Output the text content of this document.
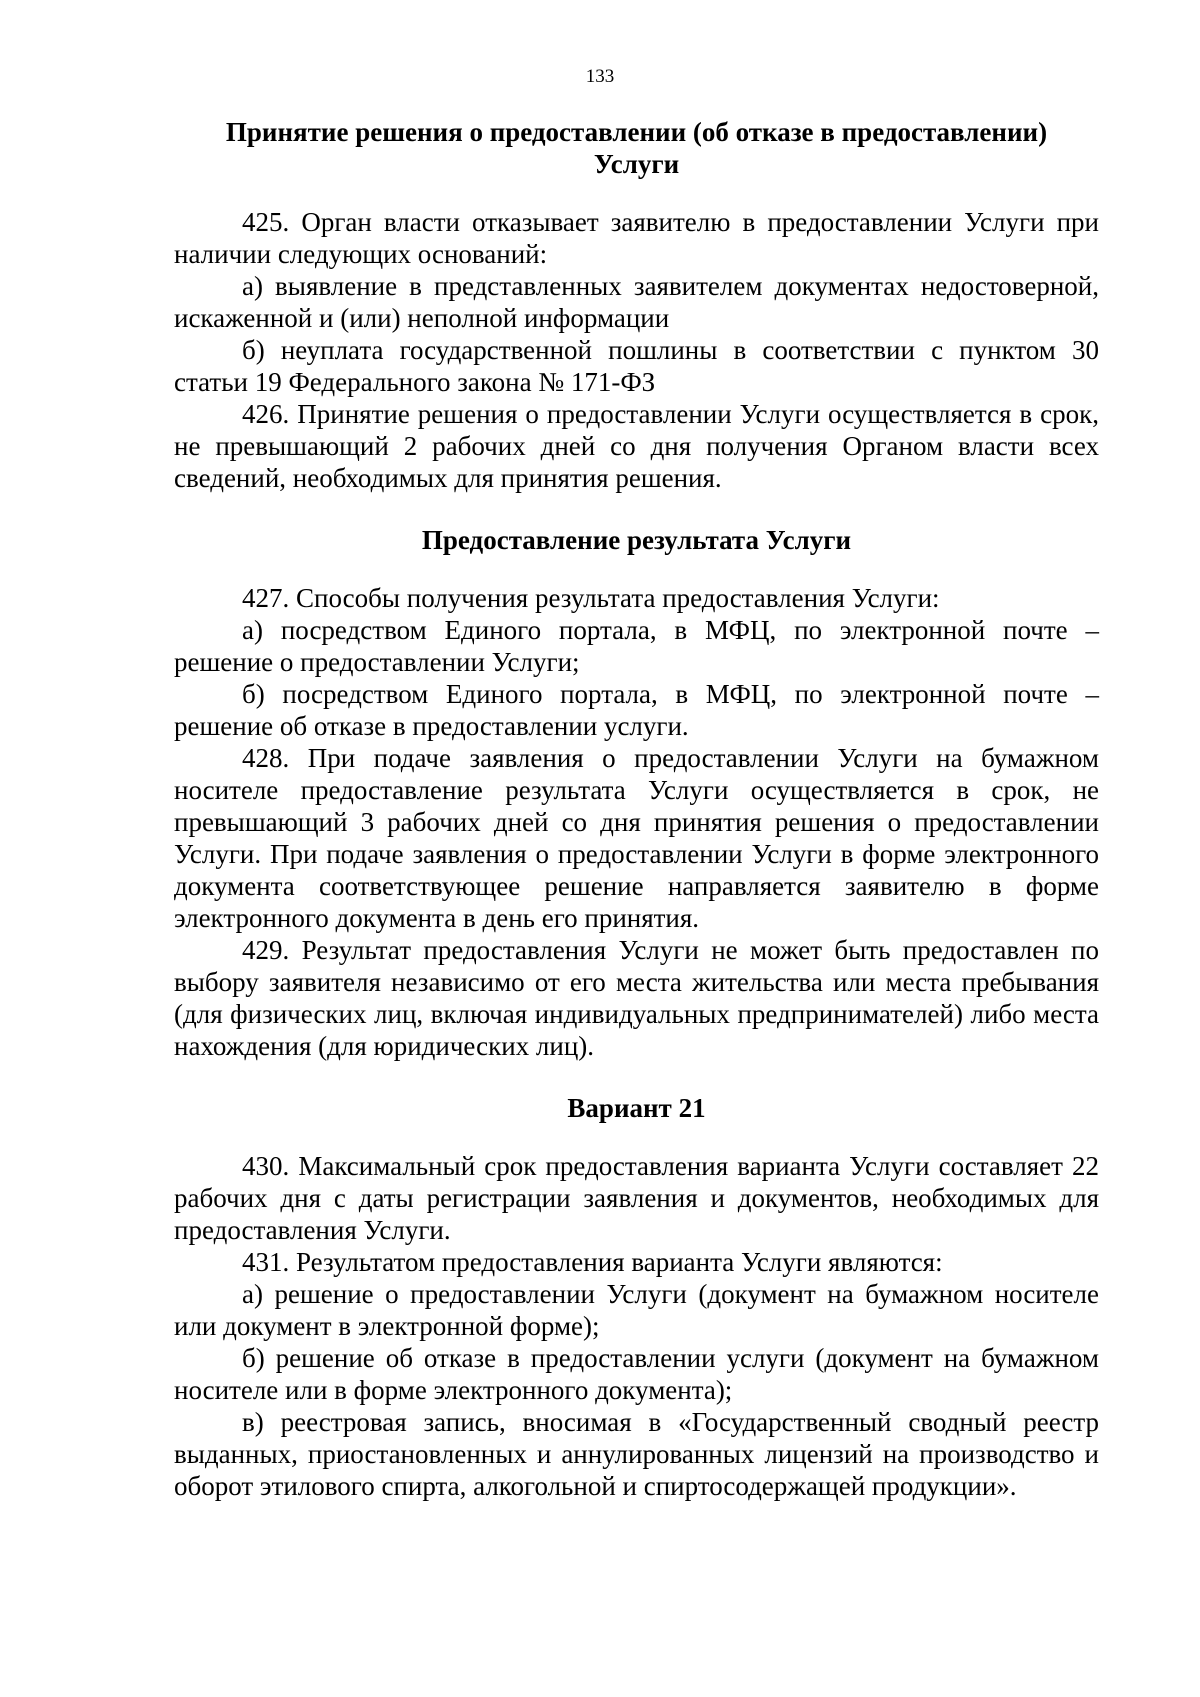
133
Принятие решения о предоставлении (об отказе в предоставлении)
Услуги

425. Орган власти отказывает заявителю в предоставлении Услуги при наличии следующих оснований:

а) выявление в представленных заявителем документах недостоверной, искаженной и (или) неполной информации

б) неуплата государственной пошлины в соответствии с пунктом 30 статьи 19 Федерального закона № 171-ФЗ

426. Принятие решения о предоставлении Услуги осуществляется в срок, не превышающий 2 рабочих дней со дня получения Органом власти всех сведений, необходимых для принятия решения.

Предоставление результата Услуги

427. Способы получения результата предоставления Услуги:

а) посредством Единого портала, в МФЦ, по электронной почте – решение о предоставлении Услуги;

б) посредством Единого портала, в МФЦ, по электронной почте – решение об отказе в предоставлении услуги.

428. При подаче заявления о предоставлении Услуги на бумажном носителе предоставление результата Услуги осуществляется в срок, не превышающий 3 рабочих дней со дня принятия решения о предоставлении Услуги. При подаче заявления о предоставлении Услуги в форме электронного документа соответствующее решение направляется заявителю в форме электронного документа в день его принятия.

429. Результат предоставления Услуги не может быть предоставлен по выбору заявителя независимо от его места жительства или места пребывания (для физических лиц, включая индивидуальных предпринимателей) либо места нахождения (для юридических лиц).

Вариант 21

430. Максимальный срок предоставления варианта Услуги составляет 22 рабочих дня с даты регистрации заявления и документов, необходимых для предоставления Услуги.

431. Результатом предоставления варианта Услуги являются:

а) решение о предоставлении Услуги (документ на бумажном носителе или документ в электронной форме);

б) решение об отказе в предоставлении услуги (документ на бумажном носителе или в форме электронного документа);

в) реестровая запись, вносимая в «Государственный сводный реестр выданных, приостановленных и аннулированных лицензий на производство и оборот этилового спирта, алкогольной и спиртосодержащей продукции».
